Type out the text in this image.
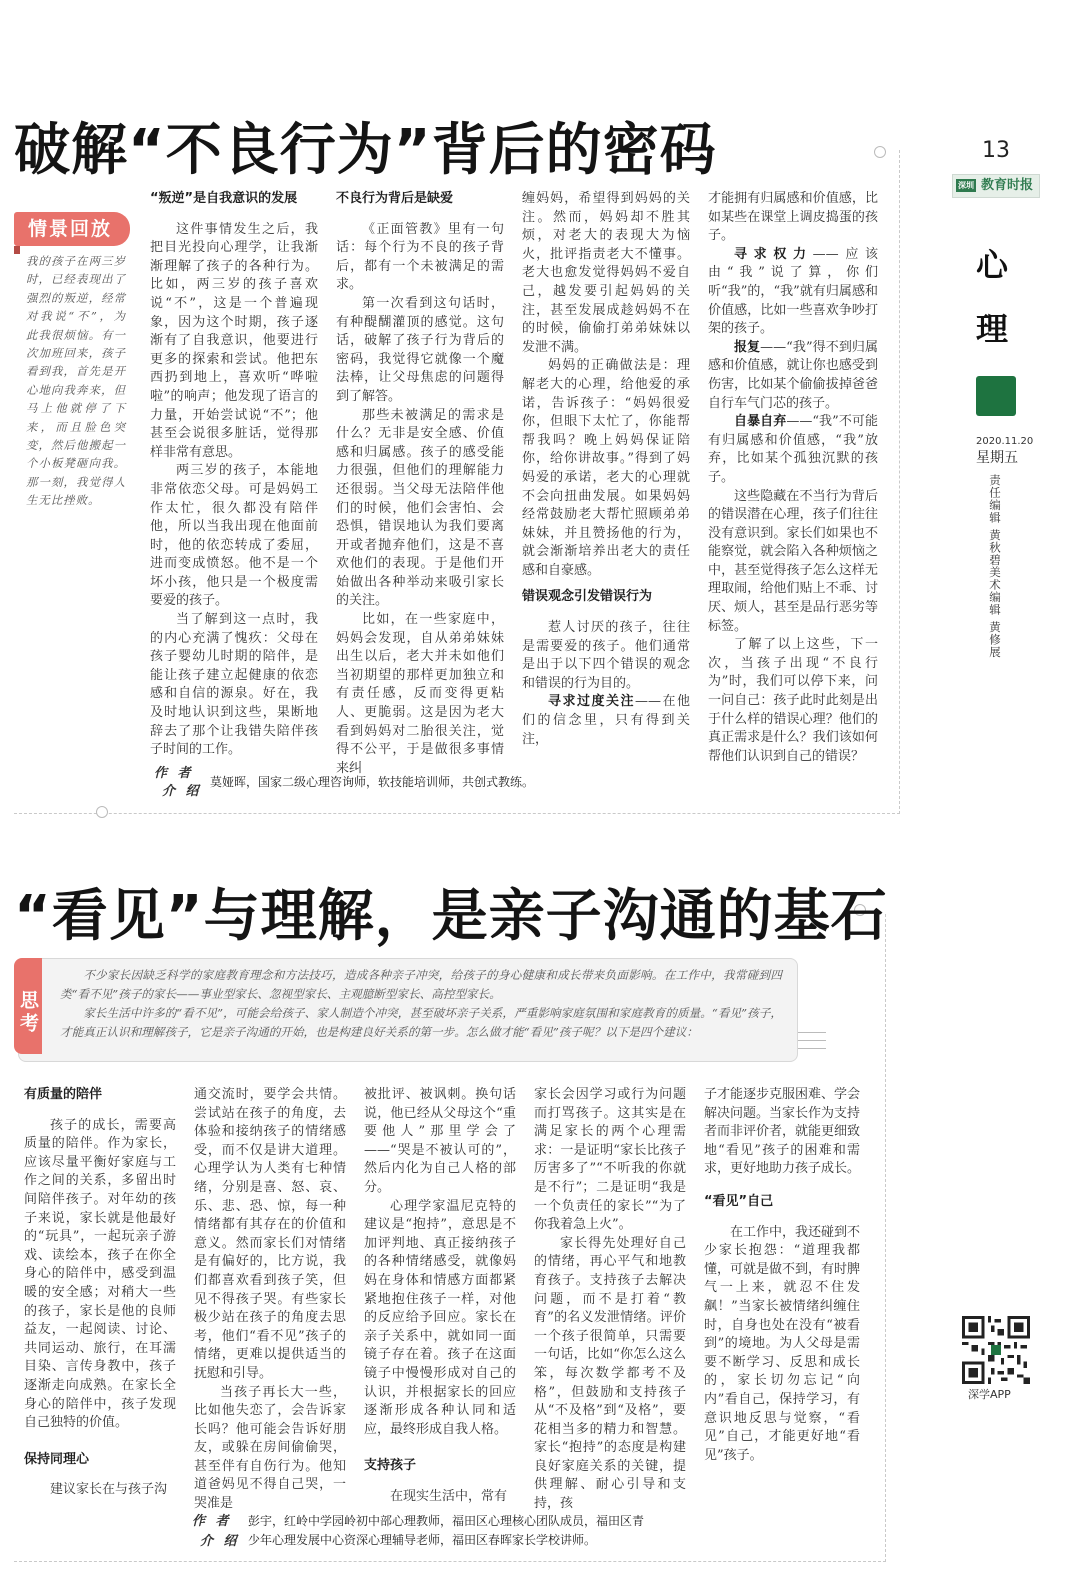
破解“不良行为”背后的密码
情景回放
我的孩子在两三岁时，已经表现出了强烈的叛逆，经常对我说“不”，为此我很烦恼。有一次加班回来，孩子看到我，首先是开心地向我奔来，但马上他就停了下来，而且脸色突变，然后他搬起一个小板凳砸向我。那一刻，我觉得人生无比挫败。
“叛逆”是自我意识的发展

这件事情发生之后，我把目光投向心理学，让我渐渐理解了孩子的各种行为。比如，两三岁的孩子喜欢说“不”，这是一个普遍现象，因为这个时期，孩子逐渐有了自我意识，他要进行更多的探索和尝试。他把东西扔到地上，喜欢听“哗啦啦”的响声；他发现了语言的力量，开始尝试说“不”；他甚至会说很多脏话，觉得那样非常有意思。

两三岁的孩子，本能地非常依恋父母。可是妈妈工作太忙，很久都没有陪伴他，所以当我出现在他面前时，他的依恋转成了委屈，进而变成愤怒。他不是一个坏小孩，他只是一个极度需要爱的孩子。

当了解到这一点时，我的内心充满了愧疚：父母在孩子婴幼儿时期的陪伴，是能让孩子建立起健康的依恋感和自信的源泉。好在，我及时地认识到这些，果断地辞去了那个让我错失陪伴孩子时间的工作。

不良行为背后是缺爱

《正面管教》里有一句话：每个行为不良的孩子背后，都有一个未被满足的需求。

第一次看到这句话时，有种醍醐灌顶的感觉。这句话，破解了孩子行为背后的密码，我觉得它就像一个魔法棒，让父母焦虑的问题得到了解答。

那些未被满足的需求是什么？无非是安全感、价值感和归属感。孩子的感受能力很强，但他们的理解能力还很弱。当父母无法陪伴他们的时候，他们会害怕、会恐惧，错误地认为我们要离开或者抛弃他们，这是不喜欢他们的表现。于是他们开始做出各种举动来吸引家长的关注。

比如，在一些家庭中，妈妈会发现，自从弟弟妹妹出生以后，老大并未如他们当初期望的那样更加独立和有责任感，反而变得更粘人、更脆弱。这是因为老大看到妈妈对二胎很关注，觉得不公平，于是做很多事情来纠

缠妈妈，希望得到妈妈的关注。然而，妈妈却不胜其烦，对老大的表现大为恼火，批评指责老大不懂事。老大也愈发觉得妈妈不爱自己，越发要引起妈妈的关注，甚至发展成趁妈妈不在的时候，偷偷打弟弟妹妹以发泄不满。

妈妈的正确做法是：理解老大的心理，给他爱的承诺，告诉孩子：“妈妈很爱你，但眼下太忙了，你能帮帮我吗？晚上妈妈保证陪你，给你讲故事。”得到了妈妈爱的承诺，老大的心理就不会向扭曲发展。如果妈妈经常鼓励老大帮忙照顾弟弟妹妹，并且赞扬他的行为，就会渐渐培养出老大的责任感和自豪感。

错误观念引发错误行为

惹人讨厌的孩子，往往是需要爱的孩子。他们通常是出于以下四个错误的观念和错误的行为目的。

寻求过度关注——在他们的信念里，只有得到关注，

才能拥有归属感和价值感，比如某些在课堂上调皮捣蛋的孩子。

寻求权力——应该由“我”说了算，你们听“我”的，“我”就有归属感和价值感，比如一些喜欢争吵打架的孩子。

报复——“我”得不到归属感和价值感，就让你也感受到伤害，比如某个偷偷拔掉爸爸自行车气门芯的孩子。

自暴自弃——“我”不可能有归属感和价值感，“我”放弃，比如某个孤独沉默的孩子。

这些隐藏在不当行为背后的错误潜在心理，孩子们往往没有意识到。家长们如果也不能察觉，就会陷入各种烦恼之中，甚至觉得孩子怎么这样无理取闹，给他们贴上不乖、讨厌、烦人，甚至是品行恶劣等标签。

了解了以上这些，下一次，当孩子出现“不良行为”时，我们可以停下来，问一问自己：孩子此时此刻是出于什么样的错误心理？他们的真正需求是什么？我们该如何帮他们认识到自己的错误？

作 者
介 绍
莫娅晖，国家二级心理咨询师，软技能培训师，共创式教练。
“看见”与理解，是亲子沟通的基石
思考

不少家长因缺乏科学的家庭教育理念和方法技巧，造成各种亲子冲突，给孩子的身心健康和成长带来负面影响。在工作中，我常碰到四类“看不见”孩子的家长——事业型家长、忽视型家长、主观臆断型家长、高控型家长。

家长生活中许多的“看不见”，可能会给孩子、家人制造个冲突，甚至破坏亲子关系，严重影响家庭氛围和家庭教育的质量。“看见”孩子，才能真正认识和理解孩子，它是亲子沟通的开始，也是构建良好关系的第一步。怎么做才能“看见”孩子呢？以下是四个建议：

有质量的陪伴

孩子的成长，需要高质量的陪伴。作为家长，应该尽量平衡好家庭与工作之间的关系，多留出时间陪伴孩子。对年幼的孩子来说，家长就是他最好的“玩具”，一起玩亲子游戏、读绘本，孩子在你全身心的陪伴中，感受到温暖的安全感；对稍大一些的孩子，家长是他的良师益友，一起阅读、讨论、共同运动、旅行，在耳濡目染、言传身教中，孩子逐渐走向成熟。在家长全身心的陪伴中，孩子发现自己独特的价值。

保持同理心

建议家长在与孩子沟

通交流时，要学会共情。尝试站在孩子的角度，去体验和接纳孩子的情绪感受，而不仅是讲大道理。心理学认为人类有七种情绪，分别是喜、怒、哀、乐、悲、恐、惊，每一种情绪都有其存在的价值和意义。然而家长们对情绪是有偏好的，比方说，我们都喜欢看到孩子笑，但见不得孩子哭。有些家长极少站在孩子的角度去思考，他们“看不见”孩子的情绪，更难以提供适当的抚慰和引导。

当孩子再长大一些，比如他失恋了，会告诉家长吗？他可能会告诉好朋友，或躲在房间偷偷哭，甚至伴有自伤行为。他知道爸妈见不得自己哭，一哭准是

被批评、被讽刺。换句话说，他已经从父母这个“重要他人”那里学会了——“哭是不被认可的”，然后内化为自己人格的部分。

心理学家温尼克特的建议是“抱持”，意思是不加评判地、真正接纳孩子的各种情绪感受，就像妈妈在身体和情感方面都紧紧地抱住孩子一样，对他的反应给予回应。家长在亲子关系中，就如同一面镜子存在着。孩子在这面镜子中慢慢形成对自己的认识，并根据家长的回应逐渐形成各种认同和适应，最终形成自我人格。

支持孩子

在现实生活中，常有

家长会因学习或行为问题而打骂孩子。这其实是在满足家长的两个心理需求：一是证明“家长比孩子厉害多了”“不听我的你就是不行”；二是证明“我是一个负责任的家长”“为了你我着急上火”。

家长得先处理好自己的情绪，再心平气和地教育孩子。支持孩子去解决问题，而不是打着“教育”的名义发泄情绪。评价一个孩子很简单，只需要一句话，比如“你怎么这么笨，每次数学都考不及格”，但鼓励和支持孩子从“不及格”到“及格”，要花相当多的精力和智慧。家长“抱持”的态度是构建良好家庭关系的关键，提供理解、耐心引导和支持，孩

子才能逐步克服困难、学会解决问题。当家长作为支持者而非评价者，就能更细致地“看见”孩子的困难和需求，更好地助力孩子成长。

“看见”自己

在工作中，我还碰到不少家长抱怨：“道理我都懂，可就是做不到，有时脾气一上来，就忍不住发飙！”当家长被情绪纠缠住时，自身也处在没有“被看到”的境地。为人父母是需要不断学习、反思和成长的，家长切勿忘记“向内”看自己，保持学习，有意识地反思与觉察，“看见”自己，才能更好地“看见”孩子。

作 者
介 绍
彭宇，红岭中学园岭初中部心理教师，福田区心理核心团队成员，福田区青
少年心理发展中心资深心理辅导老师，福田区春晖家长学校讲师。
13
深圳 教育时报
心
理
2020.11.20
星期五
责任编辑 黄秋碧
美术编辑 黄修展
深学APP
